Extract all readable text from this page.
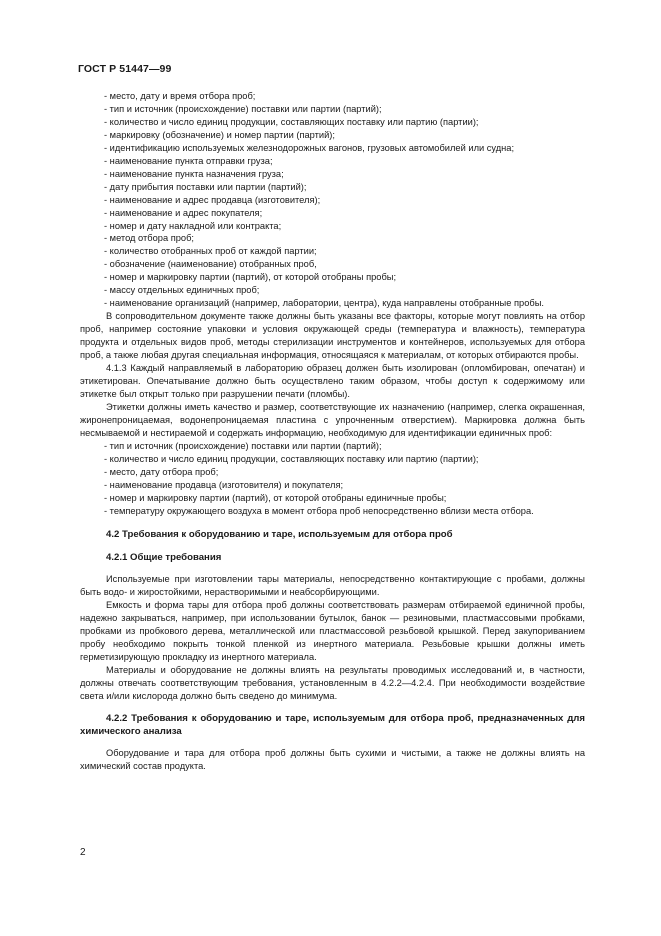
ГОСТ Р 51447—99
- место, дату и время отбора проб;
- тип и источник (происхождение) поставки или партии (партий);
- количество и число единиц продукции, составляющих поставку или партию (партии);
- маркировку (обозначение) и номер партии (партий);
- идентификацию используемых железнодорожных вагонов, грузовых автомобилей или судна;
- наименование пункта отправки груза;
- наименование пункта назначения груза;
- дату прибытия поставки или партии (партий);
- наименование и адрес продавца (изготовителя);
- наименование и адрес покупателя;
- номер и дату накладной или контракта;
- метод отбора проб;
- количество отобранных проб от каждой партии;
- обозначение (наименование) отобранных проб,
- номер и маркировку партии (партий), от которой отобраны пробы;
- массу отдельных единичных проб;
- наименование организаций (например, лаборатории, центра), куда направлены отобранные пробы.

В сопроводительном документе также должны быть указаны все факторы, которые могут повлиять на отбор проб, например состояние упаковки и условия окружающей среды (температура и влажность), температура продукта и отдельных видов проб, методы стерилизации инструментов и контейнеров, используемых для отбора проб, а также любая другая специальная информация, относящаяся к материалам, от которых отбираются пробы.

4.1.3 Каждый направляемый в лабораторию образец должен быть изолирован (опломбирован, опечатан) и этикетирован. Опечатывание должно быть осуществлено таким образом, чтобы доступ к содержимому или этикетке был открыт только при разрушении печати (пломбы).

Этикетки должны иметь качество и размер, соответствующие их назначению (например, слегка окрашенная, жиронепроницаемая, водонепроницаемая пластина с упрочненным отверстием). Маркировка должна быть несмываемой и нестираемой и содержать информацию, необходимую для идентификации единичных проб:

- тип и источник (происхождение) поставки или партии (партий);
- количество и число единиц продукции, составляющих поставку или партию (партии);
- место, дату отбора проб;
- наименование продавца (изготовителя) и покупателя;
- номер и маркировку партии (партий), от которой отобраны единичные пробы;
- температуру окружающего воздуха в момент отбора проб непосредственно вблизи места отбора.
4.2 Требования к оборудованию и таре, используемым для отбора проб
4.2.1 Общие требования

Используемые при изготовлении тары материалы, непосредственно контактирующие с пробами, должны быть водо- и жиростойкими, нерастворимыми и неабсорбирующими.

Емкость и форма тары для отбора проб должны соответствовать размерам отбираемой единичной пробы, надежно закрываться, например, при использовании бутылок, банок — резиновыми, пластмассовыми пробками, пробками из пробкового дерева, металлической или пластмассовой резьбовой крышкой. Перед закупориванием пробу необходимо покрыть тонкой пленкой из инертного материала. Резьбовые крышки должны иметь герметизирующую прокладку из инертного материала.

Материалы и оборудование не должны влиять на результаты проводимых исследований и, в частности, должны отвечать соответствующим требования, установленным в 4.2.2—4.2.4. При необходимости воздействие света и/или кислорода должно быть сведено до минимума.

4.2.2 Требования к оборудованию и таре, используемым для отбора проб, предназначенных для химического анализа

Оборудование и тара для отбора проб должны быть сухими и чистыми, а также не должны влиять на химический состав продукта.

2
